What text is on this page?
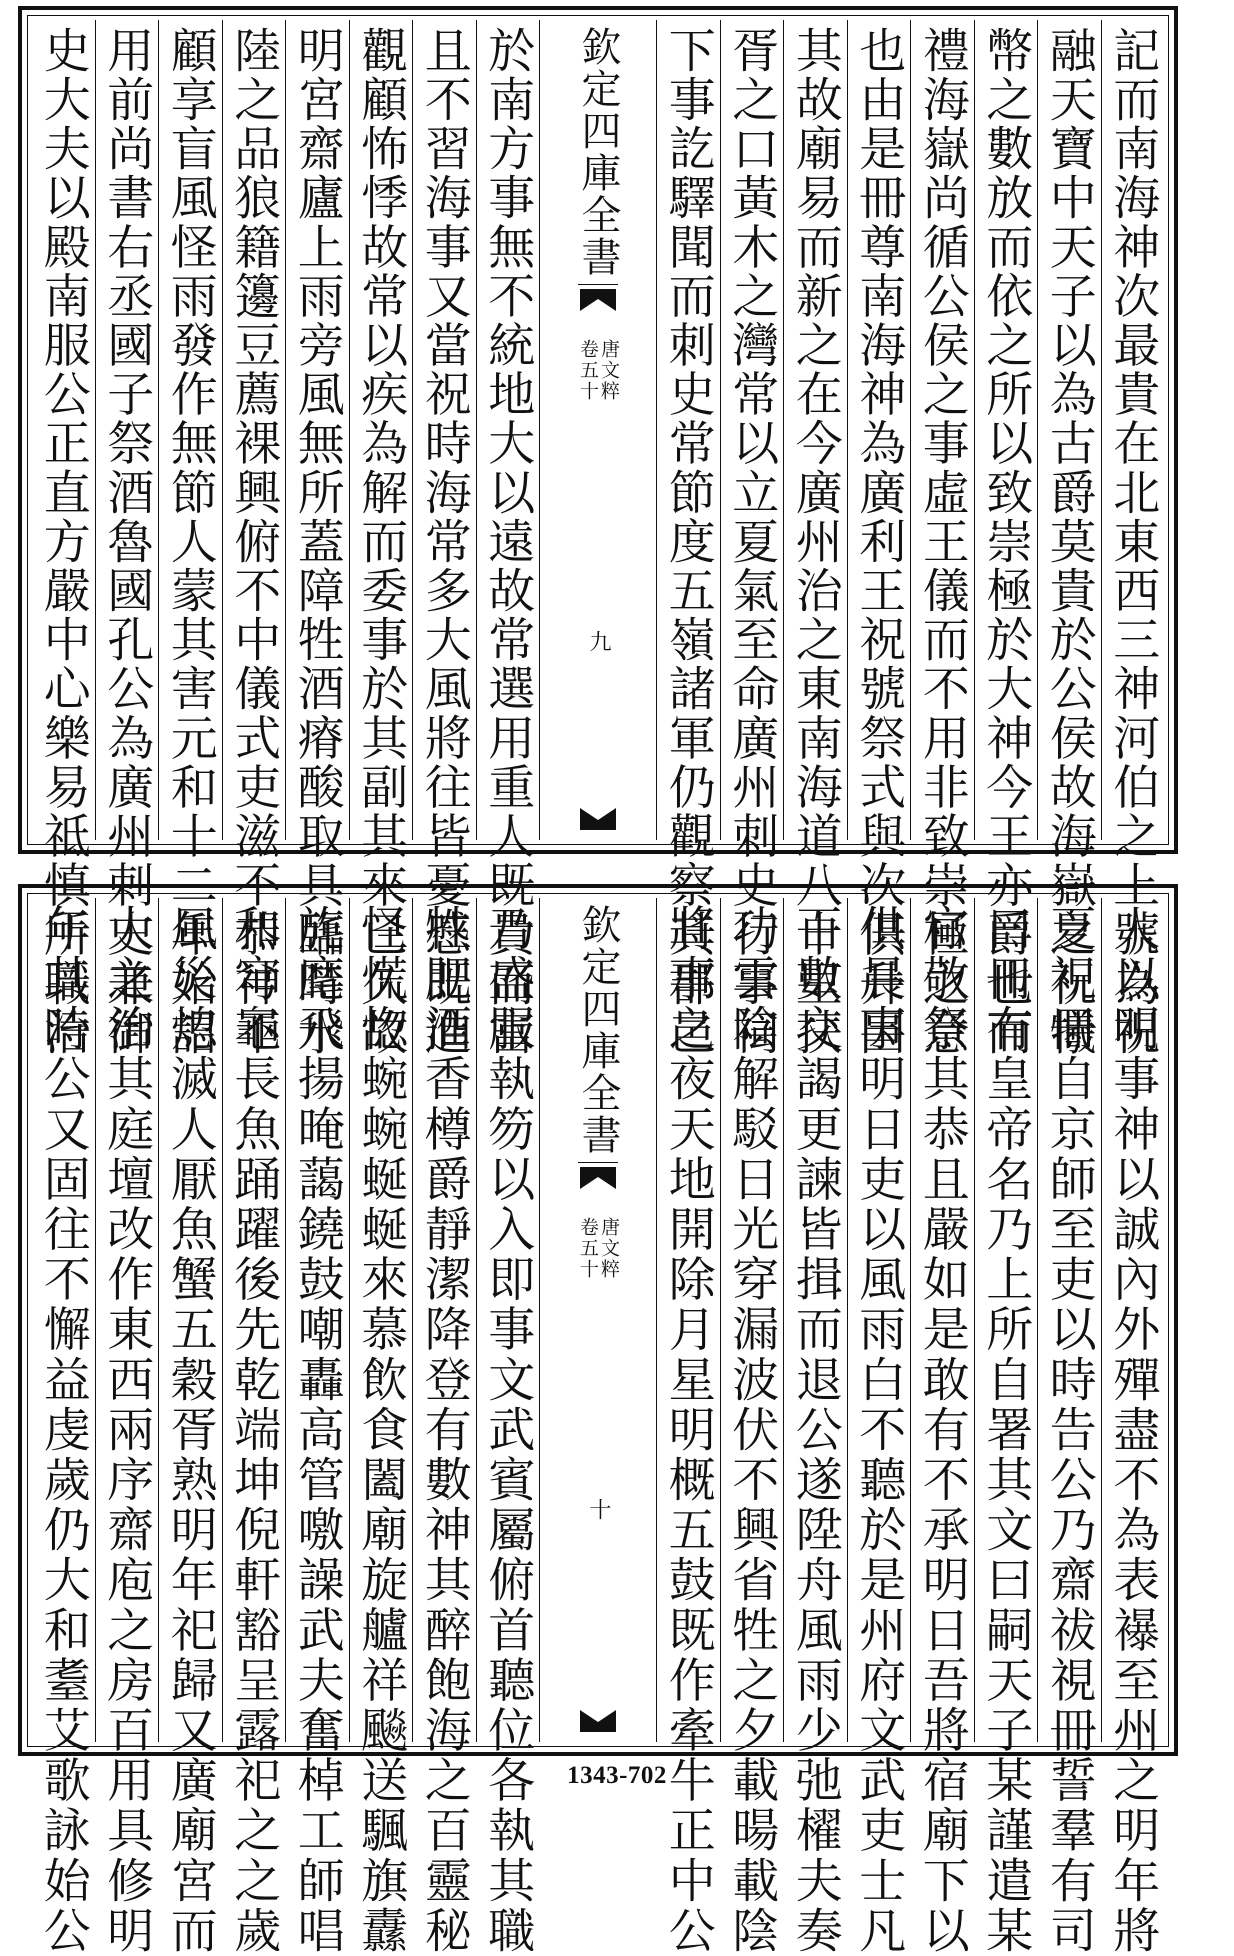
記而南海神次最貴在北東西三神河伯之上號為祝
融天寶中天子以為古爵莫貴於公侯故海嶽之祝犧
幣之數放而依之所以致崇極於大神今王亦爵也而
禮海嶽尚循公侯之事虛王儀而不用非致崇極之意
也由是冊尊南海神為廣利王祝號祭式與次俱升因
其故廟易而新之在今廣州治之東南海道八十里扶
胥之口黃木之灣常以立夏氣至命廣州刺史行事祠
下事訖驛聞而刺史常節度五嶺諸軍仍觀察其郡邑
欽定四庫全書
唐文粹
卷五十
九
於南方事無不統地大以遠故常選用重人既貴而富
且不習海事又當祝時海常多大風將往皆憂慼既進
觀顧怖悸故常以疾為解而委事於其副其來已久故
明宮齋廬上雨旁風無所蓋障牲酒瘠酸取具臨時水
陸之品狼籍籩豆薦裸興俯不中儀式吏滋不恭神不
顧享盲風怪雨發作無節人蒙其害元和十二年始詔
用前尚書右丞國子祭酒魯國孔公為廣州刺史兼御
史大夫以殿南服公正直方嚴中心樂易祗慎所職治
人以明事神以誠內外殫盡不為表襮至州之明年將
夏祝冊自京師至吏以時告公乃齋祓視冊誓羣有司
曰冊有皇帝名乃上所自署其文曰嗣天子某謹遣某
官敬祭其恭且嚴如是敢有不承明日吾將宿廟下以
供晨事明日吏以風雨白不聽於是州府文武吏士凡
百數交謁更諫皆揖而退公遂陞舟風雨少弛櫂夫奏
功雲陰解駁日光穿漏波伏不興省牲之夕載暘載陰
將事之夜天地開除月星明概五鼓既作牽牛正中公
欽定四庫全書
唐文粹
卷五十
十
乃盛服執笏以入即事文武賓屬俯首聽位各執其職
牲肥酒香樽爵靜潔降登有數神其醉飽海之百靈秘
怪慌惚蜿蜿蜒蜒來慕飲食闔廟旋艫祥飈送颿旗纛
旄麾飛揚晻藹鐃鼓嘲轟高管噭譟武夫奮棹工師唱
和穹龜長魚踊躍後先乾端坤倪軒豁呈露祀之之歲
風災熄滅人厭魚蟹五穀胥熟明年祀歸又廣廟宮而
大之治其庭壇改作東西兩序齋庖之房百用具修明
年其時公又固往不懈益虔歲仍大和耋艾歌詠始公	1343-702
